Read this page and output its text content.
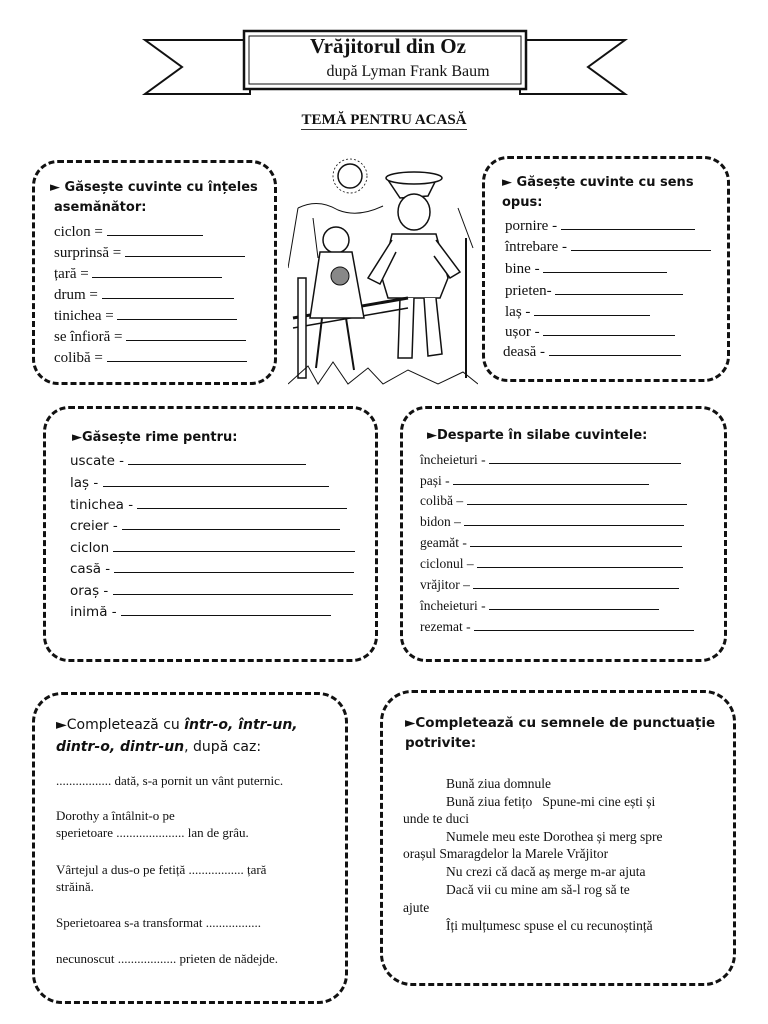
Vrăjitorul din Oz
după Lyman Frank Baum
TEMĂ PENTRU ACASĂ
► Găsește cuvinte cu înțeles
asemănător:
ciclon =
surprinsă =
țară =
drum =
tinichea =
se înfioră =
colibă =
► Găsește cuvinte cu sens
opus:
pornire -
întrebare -
bine -
prieten-
laș -
ușor -
deasă -
►Găsește rime pentru:
uscate -
laș -
tinichea -
creier -
ciclon
casă -
oraș -
inimă -
►Desparte în silabe cuvintele:
încheieturi -
pași -
colibă –
bidon –
geamăt -
ciclonul –
vrăjitor –
încheieturi -
rezemat -
►Completează cu într-o, într-un,
dintr-o, dintr-un, după caz:
................. dată, s-a pornit un vânt puternic.
Dorothy a întâlnit-o pe
sperietoare ..................... lan de grâu.
Vârtejul a dus-o pe fetiță ................. țară
străină.
Sperietoarea s-a transformat .................
necunoscut .................. prieten de nădejde.
►Completează cu semnele de punctuație
potrivite:
Bună ziua domnule
Bună ziua fetițo   Spune-mi cine ești și
unde te duci
Numele meu este Dorothea și merg spre
orașul Smaragdelor la Marele Vrăjitor
Nu crezi că dacă aș merge m-ar ajuta
Dacă vii cu mine am să-l rog să te
ajute
Îți mulțumesc spuse el cu recunoștință
